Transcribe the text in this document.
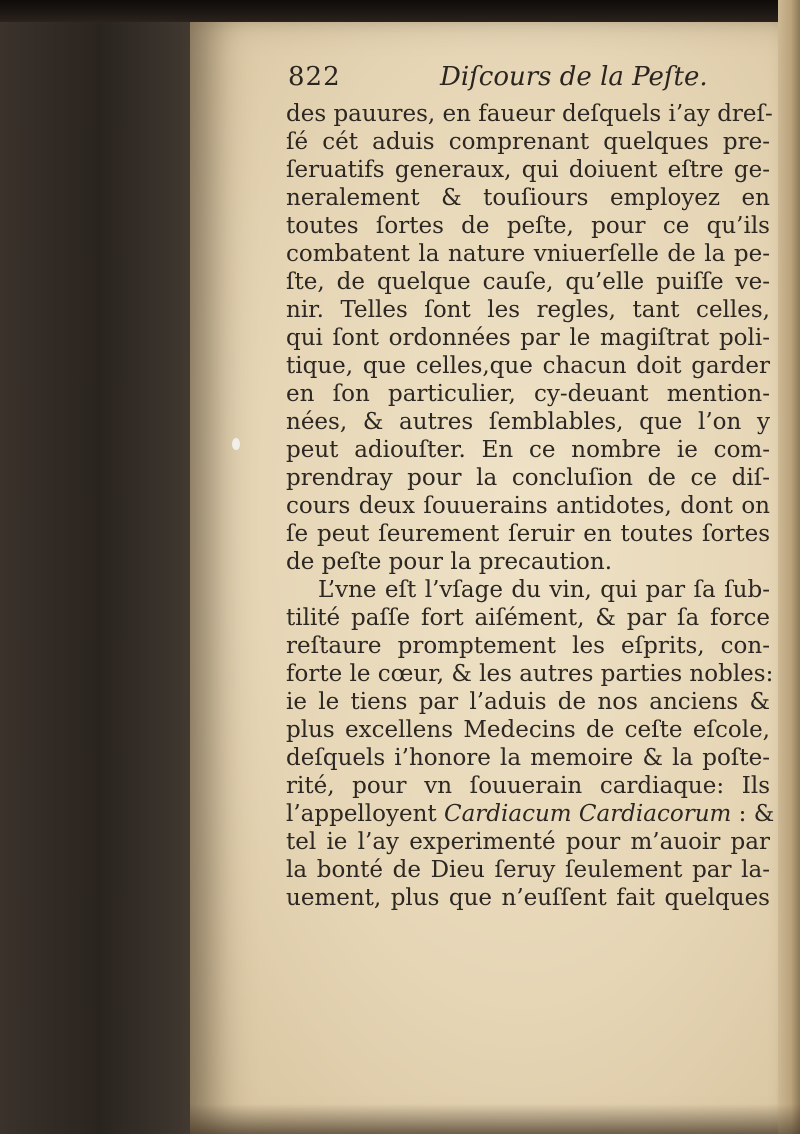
822	Diſcours de la Peſte.
des pauures, en faueur deſquels i’ay dreſ-
ſé cét aduis comprenant quelques pre-
ſeruatifs generaux, qui doiuent eſtre ge-
neralement & touſiours employez en
toutes ſortes de peſte, pour ce qu’ils
combatent la nature vniuerſelle de la pe-
ſte, de quelque cauſe, qu’elle puiſſe ve-
nir. Telles ſont les regles, tant celles,
qui ſont ordonnées par le magiſtrat poli-
tique, que celles,que chacun doit garder
en ſon particulier, cy-deuant mention-
nées, & autres ſemblables, que l’on y
peut adiouſter. En ce nombre ie com-
prendray pour la concluſion de ce diſ-
cours deux ſouuerains antidotes, dont on
ſe peut ſeurement ſeruir en toutes ſortes
de peſte pour la precaution.
L’vne eſt l’vſage du vin, qui par ſa ſub-
tilité paſſe fort aiſément, & par ſa force
reſtaure promptement les eſprits, con-
forte le cœur, & les autres parties nobles:
ie le tiens par l’aduis de nos anciens &
plus excellens Medecins de ceſte eſcole,
deſquels i’honore la memoire & la poſte-
rité, pour vn ſouuerain cardiaque: Ils
l’appelloyent Cardiacum Cardiacorum : &
tel ie l’ay experimenté pour m’auoir par
la bonté de Dieu ſeruy ſeulement par la-
uement, plus que n’euſſent fait quelques
